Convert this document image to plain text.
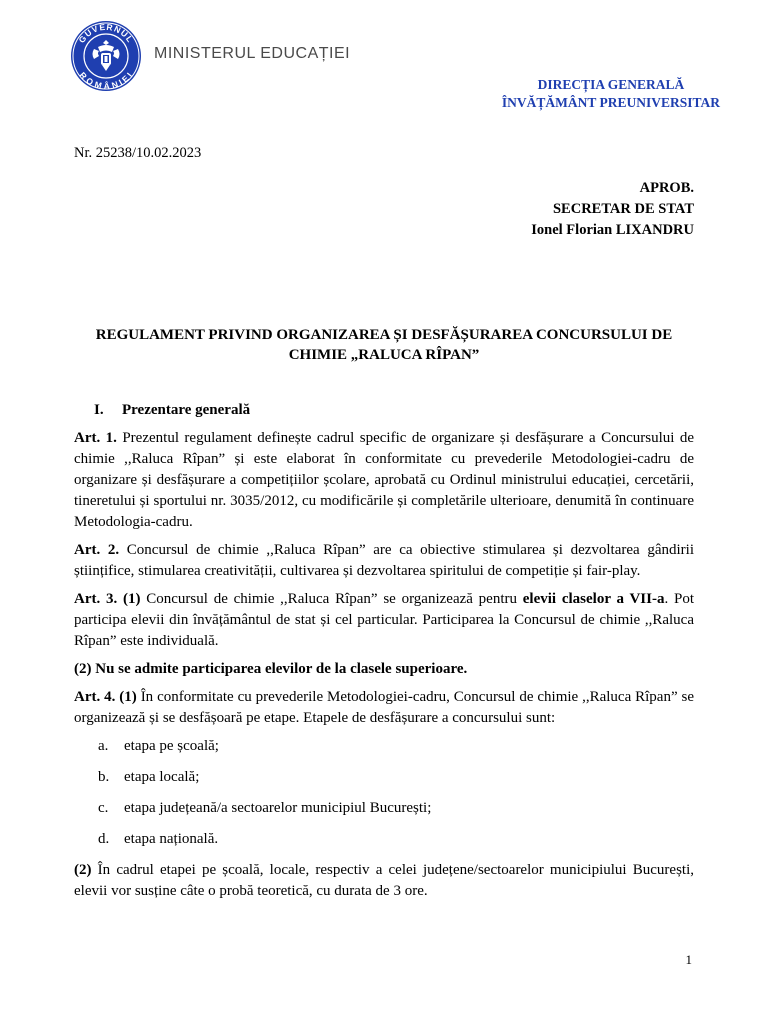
GUVERNUL
ROMÂNIEI
MINISTERUL EDUCAȚIEI
DIRECȚIA GENERALĂ
ÎNVĂȚĂMÂNT PREUNIVERSITAR
Nr. 25238/10.02.2023
APROB.
SECRETAR DE STAT
Ionel Florian LIXANDRU
REGULAMENT PRIVIND ORGANIZAREA ȘI DESFĂȘURAREA CONCURSULUI DE
CHIMIE „RALUCA RÎPAN”
I. Prezentare generală

Art. 1. Prezentul regulament definește cadrul specific de organizare și desfășurare a Concursului de chimie ,,Raluca Rîpan” și este elaborat în conformitate cu prevederile Metodologiei-cadru de organizare și desfășurare a competițiilor școlare, aprobată cu Ordinul ministrului educației, cercetării, tineretului și sportului nr. 3035/2012, cu modificările și completările ulterioare, denumită în continuare Metodologia-cadru.

Art. 2. Concursul de chimie ,,Raluca Rîpan” are ca obiective stimularea și dezvoltarea gândirii științifice, stimularea creativității, cultivarea și dezvoltarea spiritului de competiție și fair-play.

Art. 3. (1) Concursul de chimie ,,Raluca Rîpan” se organizează pentru elevii claselor a VII-a. Pot participa elevii din învățământul de stat și cel particular. Participarea la Concursul de chimie ,,Raluca Rîpan” este individuală.

(2) Nu se admite participarea elevilor de la clasele superioare.

Art. 4. (1) În conformitate cu prevederile Metodologiei-cadru, Concursul de chimie ,,Raluca Rîpan” se organizează și se desfășoară pe etape. Etapele de desfășurare a concursului sunt:

a. etapa pe școală;
b. etapa locală;
c. etapa județeană/a sectoarelor municipiul București;
d. etapa națională.

(2) În cadrul etapei pe școală, locale, respectiv a celei județene/sectoarelor municipiului București, elevii vor susține câte o probă teoretică, cu durata de 3 ore.

1
